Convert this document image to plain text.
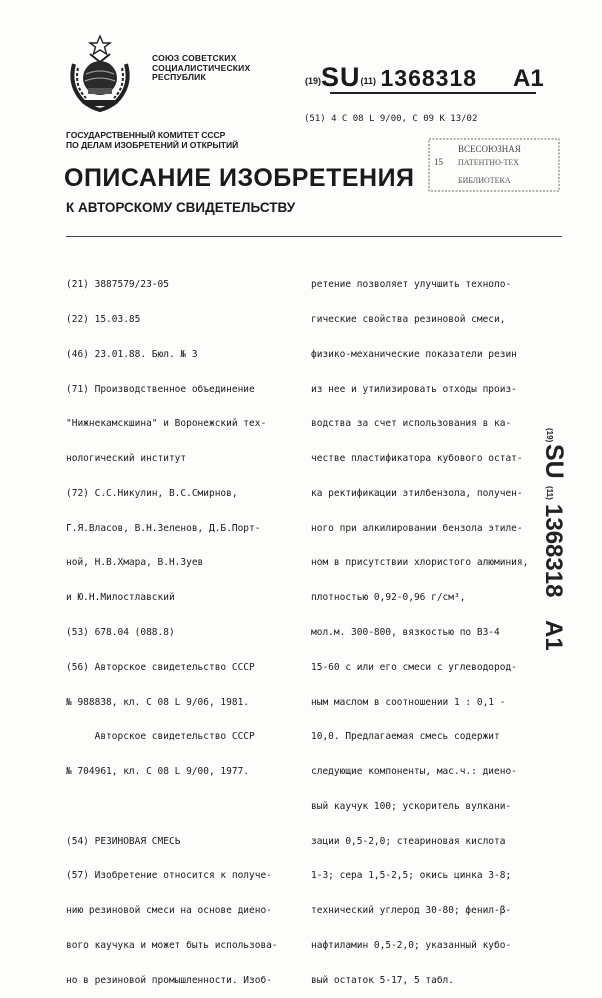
СОЮЗ СОВЕТСКИХ
СОЦИАЛИСТИЧЕСКИХ
РЕСПУБЛИК	(19)SU(11) 1368318 A1
(51) 4 C 08 L 9/00, C 09 K 13/02
ВСЕСОЮЗНАЯ
15 ПАТЕНТНО-ТЕХ
БИБЛИОТЕКА
ГОСУДАРСТВЕННЫЙ КОМИТЕТ СССР
ПО ДЕЛАМ ИЗОБРЕТЕНИЙ И ОТКРЫТИЙ
ОПИСАНИЕ ИЗОБРЕТЕНИЯ
К АВТОРСКОМУ СВИДЕТЕЛЬСТВУ

(21) 3887579/23-05

(22) 15.03.85

(46) 23.01.88. Бюл. № 3

(71) Производственное объединение

"Нижнекамскшина" и Воронежский тех-

нологический институт

(72) С.С.Никулин, В.С.Смирнов,

Г.Я.Власов, В.Н.Зеленов, Д.Б.Порт-

ной, Н.В.Хмара, В.Н.Зуев

и Ю.Н.Милостлавский

(53) 678.04 (088.8)

(56) Авторское свидетельство СССР

№ 988838, кл. C 08 L 9/06, 1981.

Авторское свидетельство СССР

№ 704961, кл. C 08 L 9/00, 1977.

(54) РЕЗИНОВАЯ СМЕСЬ

(57) Изобретение относится к получе-

нию резиновой смеси на основе диено-

вого каучука и может быть использова-

но в резиновой промышленности. Изоб-

ретение позволяет улучшить техноло-

гические свойства резиновой смеси,

физико-механические показатели резин

из нее и утилизировать отходы произ-

водства за счет использования в ка-

честве пластификатора кубового остат-

ка ректификации этилбензола, получен-

ного при алкилировании бензола этиле-

ном в присутствии хлористого алюминия,

плотностью 0,92-0,96 г/см³,

мол.м. 300-800, вязкостью по ВЗ-4

15-60 с или его смеси с углеводород-

ным маслом в соотношении 1 : 0,1 -

10,0. Предлагаемая смесь содержит

следующие компоненты, мас.ч.: диено-

вый каучук 100; ускоритель вулкани-

зации 0,5-2,0; стеариновая кислота

1-3; сера 1,5-2,5; окись цинка 3-8;

технический углерод 30-80; фенил-β-

нафтиламин 0,5-2,0; указанный кубо-

вый остаток 5-17, 5 табл.

(19)
SU
(11)
1368318
A1
